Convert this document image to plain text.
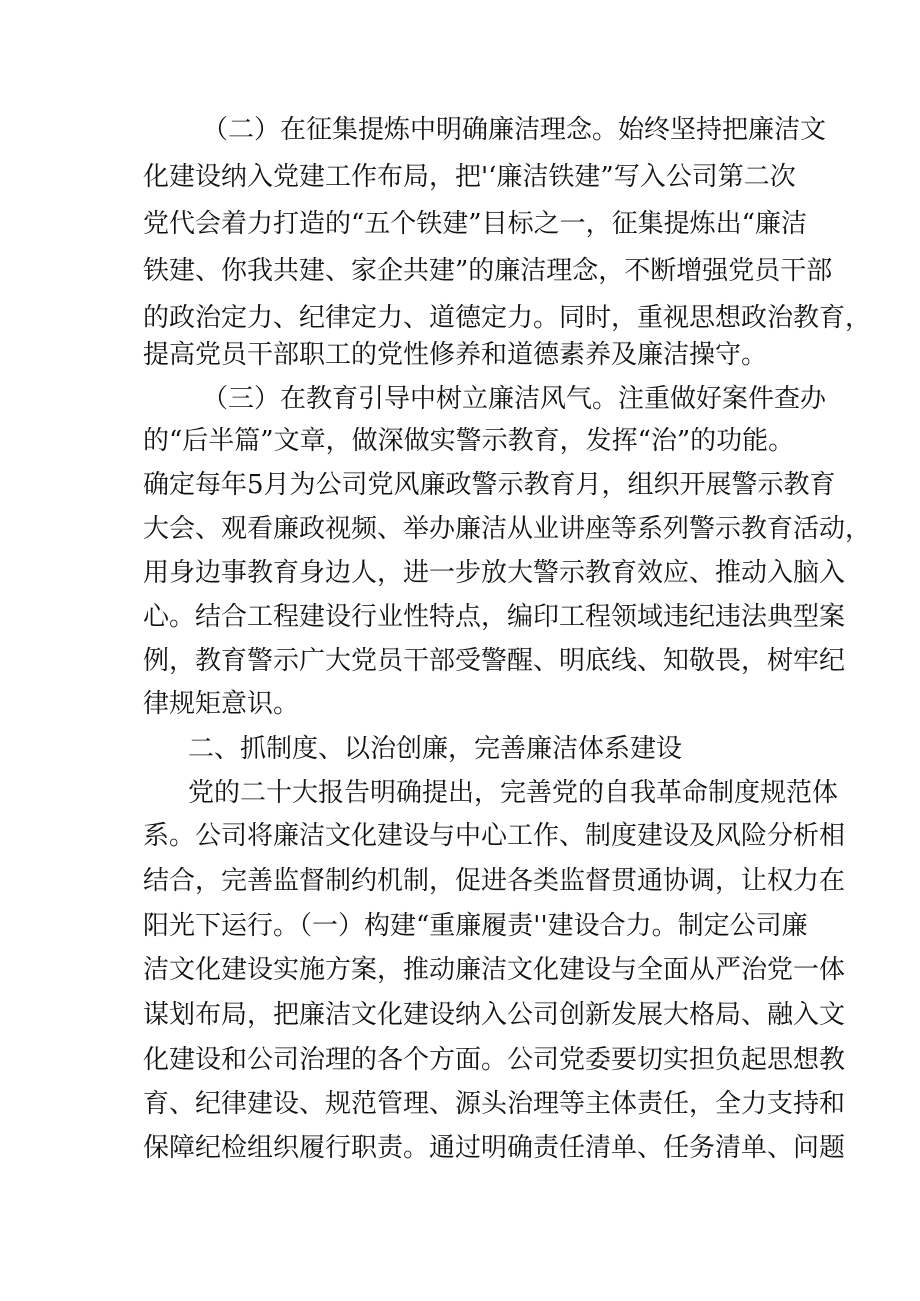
（二）在征集提炼中明确廉洁理念。始终坚持把廉洁文
化建设纳入党建工作布局，把'‘廉洁铁建”写入公司第二次
党代会着力打造的“五个铁建”目标之一，征集提炼出“廉洁
铁建、你我共建、家企共建”的廉洁理念，不断增强党员干部
的政治定力、纪律定力、道德定力。同时，重视思想政治教育，
提高党员干部职工的党性修养和道德素养及廉洁操守。
（三）在教育引导中树立廉洁风气。注重做好案件查办
的“后半篇”文章，做深做实警示教育，发挥“治”的功能。
确定每年5月为公司党风廉政警示教育月，组织开展警示教育
大会、观看廉政视频、举办廉洁从业讲座等系列警示教育活动，
用身边事教育身边人，进一步放大警示教育效应、推动入脑入
心。结合工程建设行业性特点，编印工程领域违纪违法典型案
例，教育警示广大党员干部受警醒、明底线、知敬畏，树牢纪
律规矩意识。
二、抓制度、以治创廉，完善廉洁体系建设
党的二十大报告明确提出，完善党的自我革命制度规范体
系。公司将廉洁文化建设与中心工作、制度建设及风险分析相
结合，完善监督制约机制，促进各类监督贯通协调，让权力在
阳光下运行。（一）构建“重廉履责''建设合力。制定公司廉
洁文化建设实施方案，推动廉洁文化建设与全面从严治党一体
谋划布局，把廉洁文化建设纳入公司创新发展大格局、融入文
化建设和公司治理的各个方面。公司党委要切实担负起思想教
育、纪律建设、规范管理、源头治理等主体责任，全力支持和
保障纪检组织履行职责。通过明确责任清单、任务清单、问题
